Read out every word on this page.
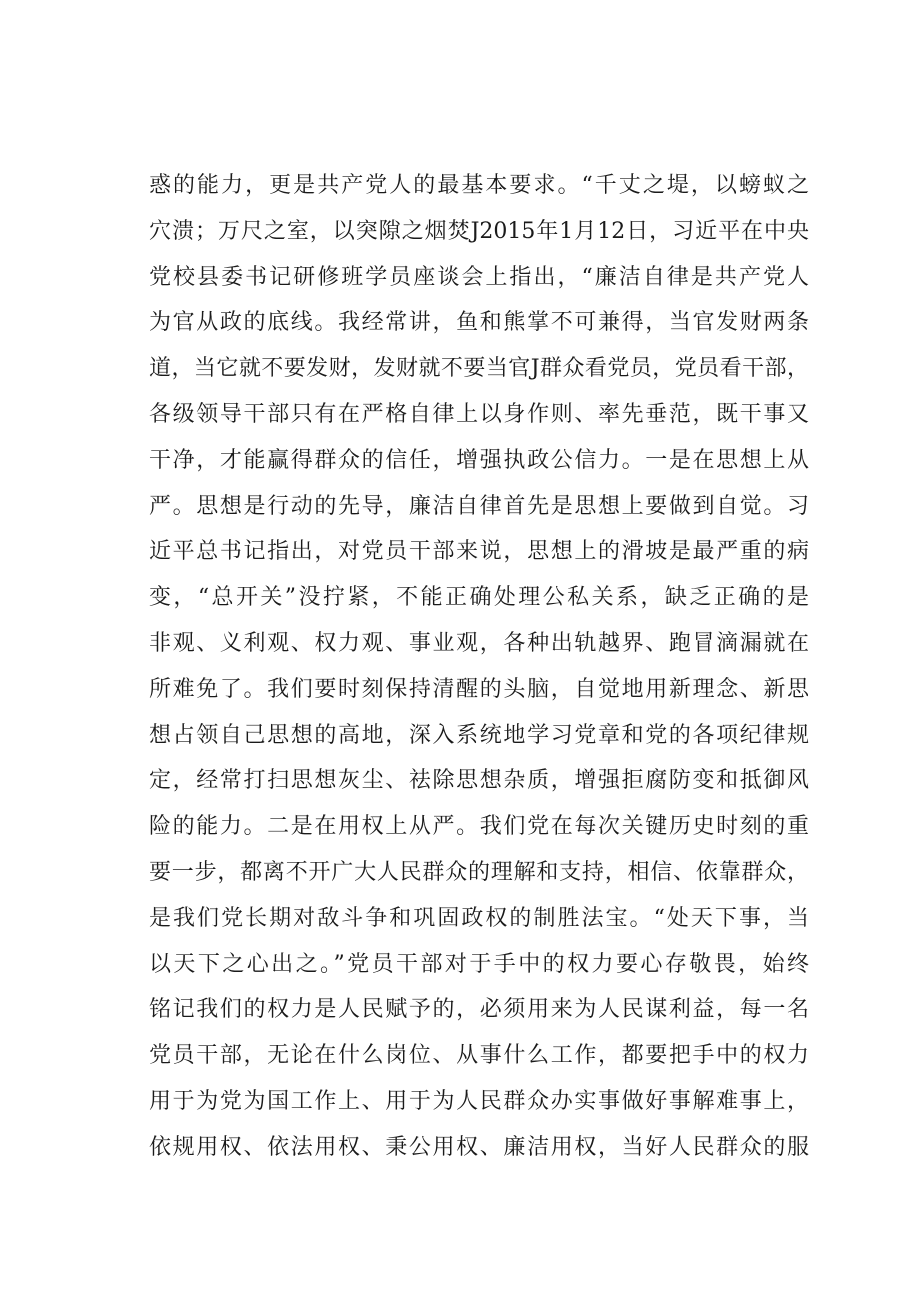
惑的能力，更是共产党人的最基本要求。“千丈之堤，以螃蚁之
穴溃；万尺之室，以突隙之烟焚J2015年1月12日，习近平在中央
党校县委书记研修班学员座谈会上指出，“廉洁自律是共产党人
为官从政的底线。我经常讲，鱼和熊掌不可兼得，当官发财两条
道，当它就不要发财，发财就不要当官J群众看党员，党员看干部，
各级领导干部只有在严格自律上以身作则、率先垂范，既干事又
干净，才能赢得群众的信任，增强执政公信力。一是在思想上从
严。思想是行动的先导，廉洁自律首先是思想上要做到自觉。习
近平总书记指出，对党员干部来说，思想上的滑坡是最严重的病
变，“总开关”没拧紧，不能正确处理公私关系，缺乏正确的是
非观、义利观、权力观、事业观，各种出轨越界、跑冒滴漏就在
所难免了。我们要时刻保持清醒的头脑，自觉地用新理念、新思
想占领自己思想的高地，深入系统地学习党章和党的各项纪律规
定，经常打扫思想灰尘、祛除思想杂质，增强拒腐防变和抵御风
险的能力。二是在用权上从严。我们党在每次关键历史时刻的重
要一步，都离不开广大人民群众的理解和支持，相信、依靠群众，
是我们党长期对敌斗争和巩固政权的制胜法宝。“处天下事，当
以天下之心出之。”党员干部对于手中的权力要心存敬畏，始终
铭记我们的权力是人民赋予的，必须用来为人民谋利益，每一名
党员干部，无论在什么岗位、从事什么工作，都要把手中的权力
用于为党为国工作上、用于为人民群众办实事做好事解难事上，
依规用权、依法用权、秉公用权、廉洁用权，当好人民群众的服
